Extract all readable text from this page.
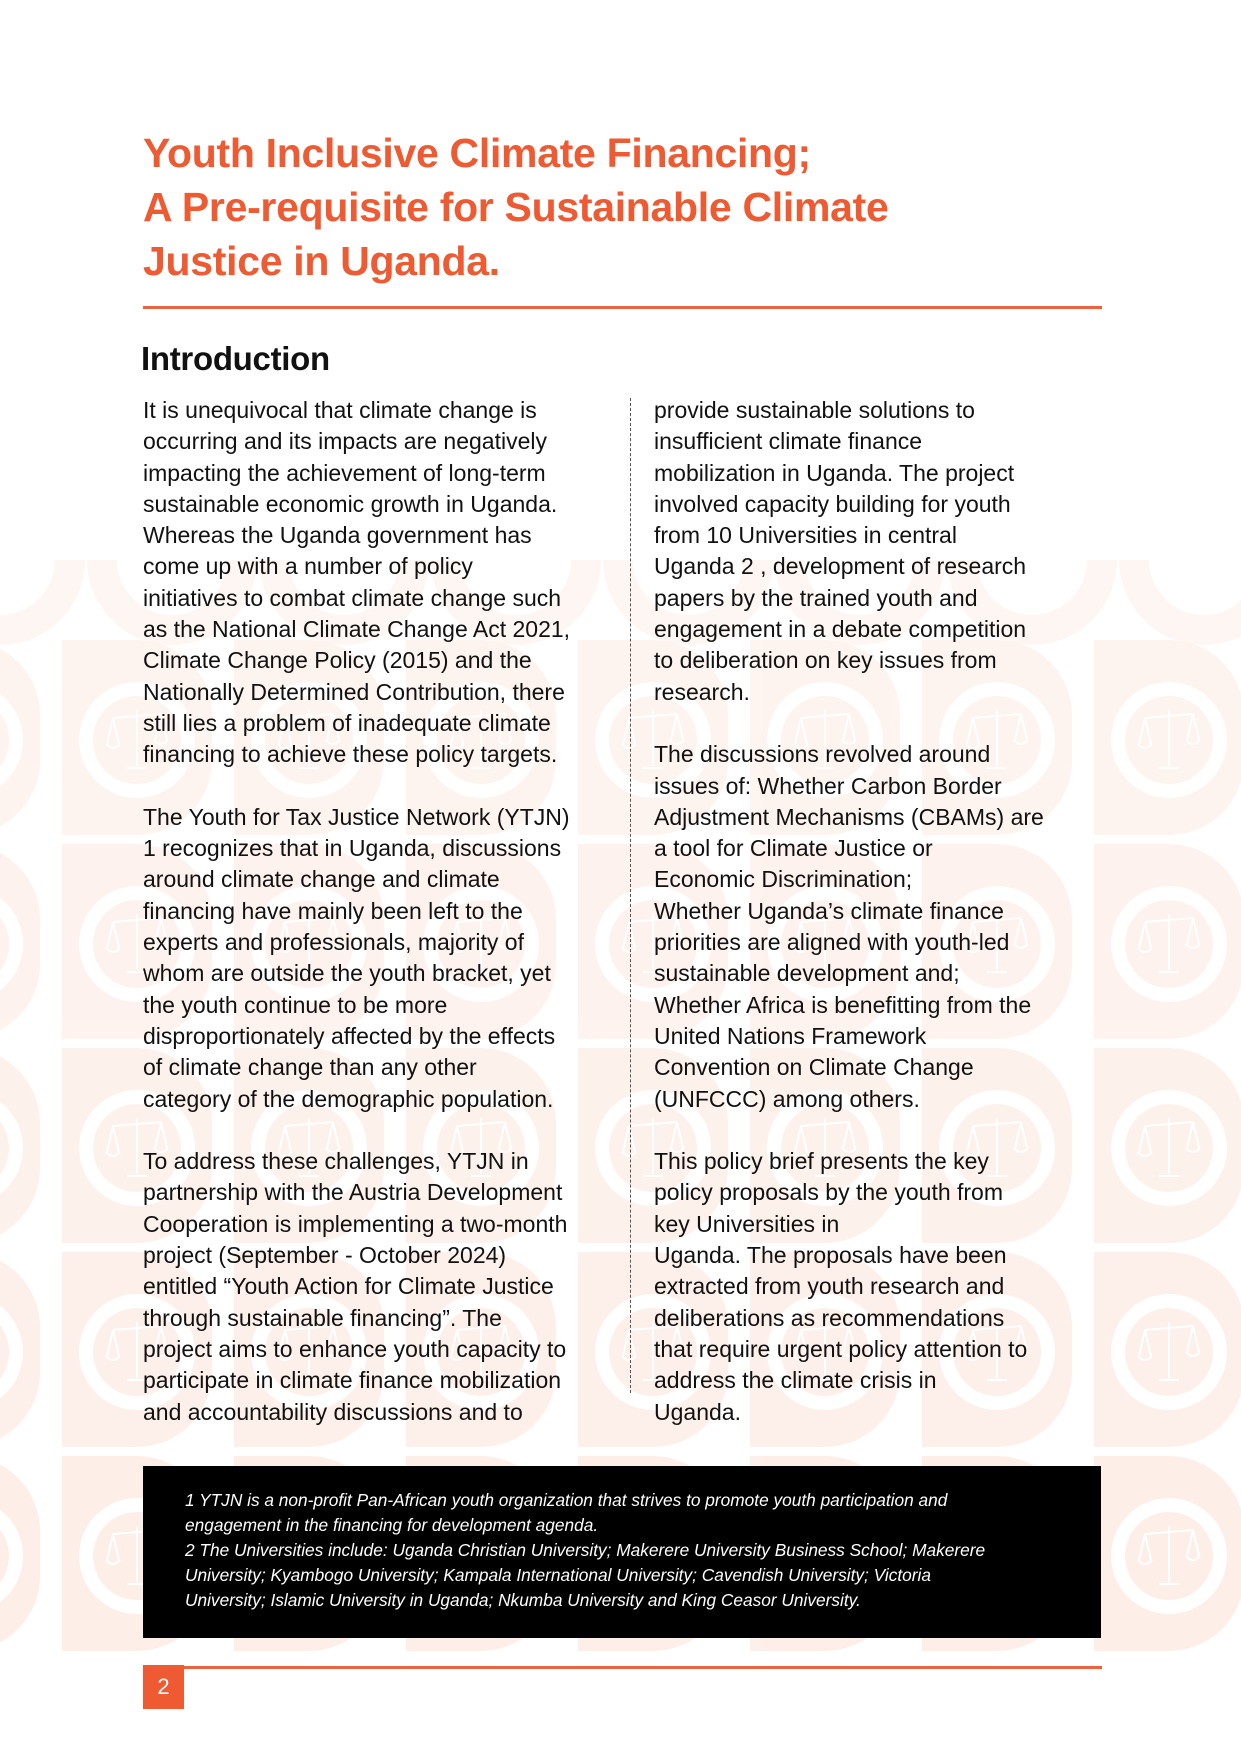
Youth Inclusive Climate Financing;
A Pre-requisite for Sustainable Climate
Justice in Uganda.
Introduction

It is unequivocal that climate change is
occurring and its impacts are negatively
impacting the achievement of long-term
sustainable economic growth in Uganda.
Whereas the Uganda government has
come up with a number of policy
initiatives to combat climate change such
as the National Climate Change Act 2021,
Climate Change Policy (2015) and the
Nationally Determined Contribution, there
still lies a problem of inadequate climate
financing to achieve these policy targets.

The Youth for Tax Justice Network (YTJN)
1 recognizes that in Uganda, discussions
around climate change and climate
financing have mainly been left to the
experts and professionals, majority of
whom are outside the youth bracket, yet
the youth continue to be more
disproportionately affected by the effects
of climate change than any other
category of the demographic population.

To address these challenges, YTJN in
partnership with the Austria Development
Cooperation is implementing a two-month
project (September - October 2024)
entitled “Youth Action for Climate Justice
through sustainable financing”. The
project aims to enhance youth capacity to
participate in climate finance mobilization
and accountability discussions and to

provide sustainable solutions to
insufficient climate finance
mobilization in Uganda. The project
involved capacity building for youth
from 10 Universities in central
Uganda 2 , development of research
papers by the trained youth and
engagement in a debate competition
to deliberation on key issues from
research.

The discussions revolved around
issues of: Whether Carbon Border
Adjustment Mechanisms (CBAMs) are
a tool for Climate Justice or
Economic Discrimination;
Whether Uganda’s climate finance
priorities are aligned with youth-led
sustainable development and;
Whether Africa is benefitting from the
United Nations Framework
Convention on Climate Change
(UNFCCC) among others.

This policy brief presents the key
policy proposals by the youth from
key Universities in
Uganda. The proposals have been
extracted from youth research and
deliberations as recommendations
that require urgent policy attention to
address the climate crisis in
Uganda.

1 YTJN is a non-profit Pan-African youth organization that strives to promote youth participation and
engagement in the financing for development agenda.
2 The Universities include: Uganda Christian University; Makerere University Business School; Makerere
University; Kyambogo University; Kampala International University; Cavendish University; Victoria
University; Islamic University in Uganda; Nkumba University and King Ceasor University.
2
